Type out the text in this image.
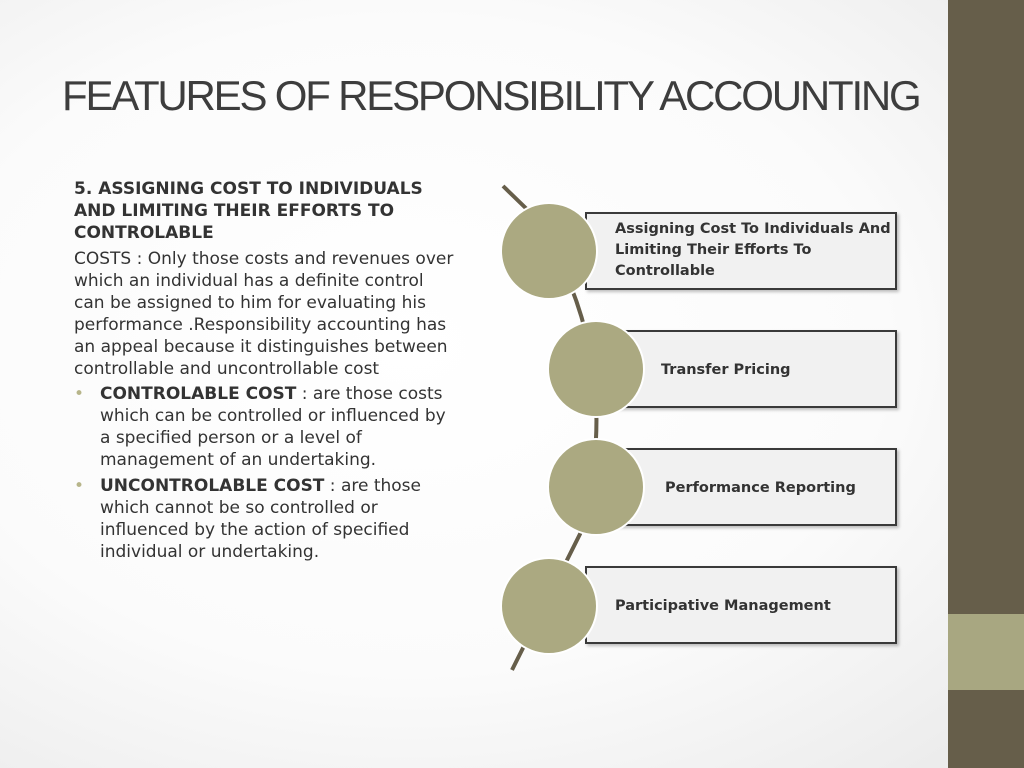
FEATURES OF RESPONSIBILITY ACCOUNTING
5. ASSIGNING COST TO INDIVIDUALS AND LIMITING THEIR EFFORTS TO CONTROLABLE
COSTS : Only those costs and revenues over which an individual has a definite control can be assigned to him for evaluating his performance .Responsibility accounting has an appeal because it distinguishes between controllable and uncontrollable cost
• CONTROLABLE COST : are those costs which can be controlled or influenced by a specified person or a level of management of an undertaking.
• UNCONTROLABLE COST : are those which cannot be so controlled or influenced by the action of specified individual or undertaking.
Assigning Cost To Individuals And Limiting Their Efforts To Controllable
Transfer Pricing
Performance Reporting
Participative Management
